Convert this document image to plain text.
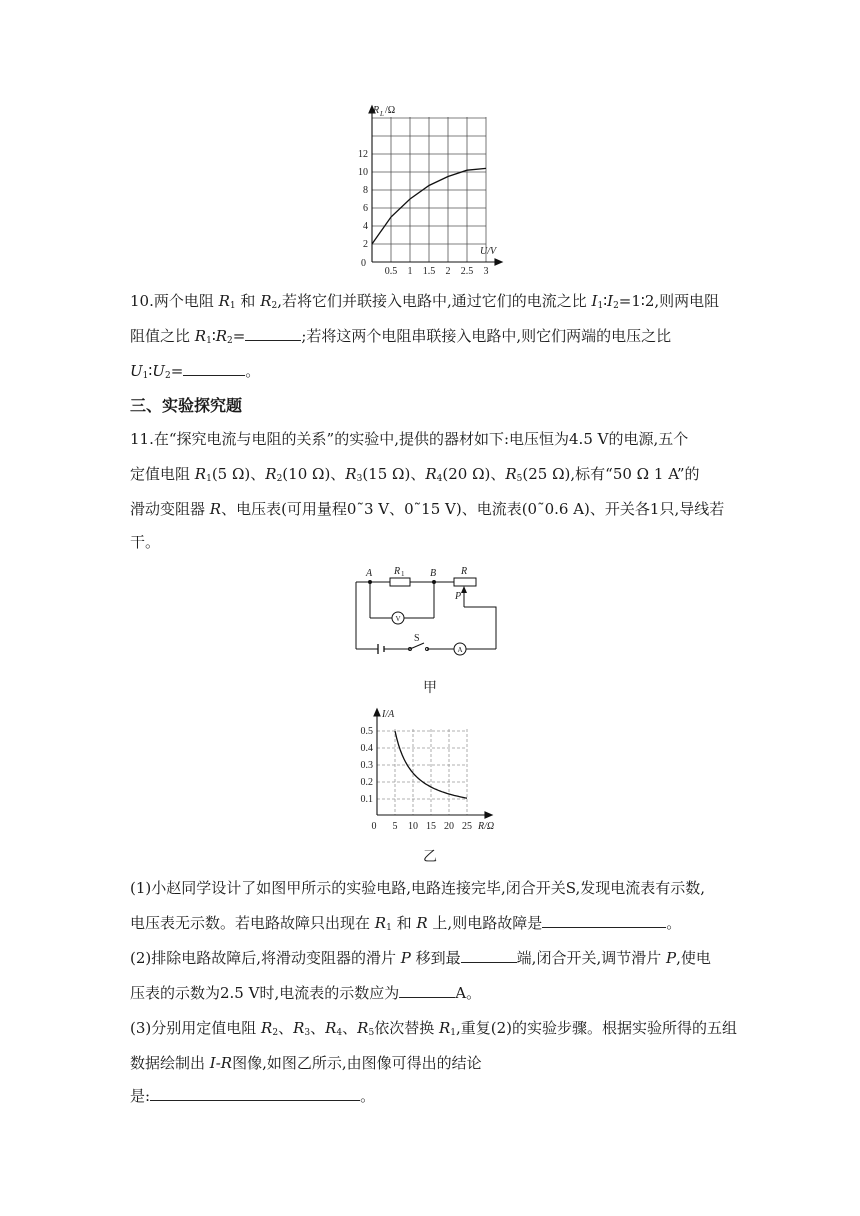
R L /Ω
U/V
0
2
4
6
8
10
12
0.5 1 1.5 2 2.5 3
10.两个电阻 $R_1$ 和 $R_2$,若将它们并联接入电路中,通过它们的电流之比 $I_1∶I_2=1∶2$,则两电阻
阻值之比 $R_1∶R_2=$	;若将这两个电阻串联接入电路中,则它们两端的电压之比
$U_1∶U_2=$	。
三、实验探究题
11.在“探究电流与电阻的关系”的实验中,提供的器材如下:电压恒为4.5 V的电源,五个
定值电阻 $R_1(5$ Ω)、$R_2(10$ Ω)、$R_3(15$ Ω)、$R_4(20$ Ω)、$R_5(25$ Ω),标有“50 Ω 1 A”的
滑动变阻器 R、电压表(可用量程0˜3 V、0˜15 V)、电流表(0˜0.6 A)、开关各1只,导线若
干。
A R 1	B R
P
V
S
A
甲
I/A
R/Ω
0
0.1
0.2
0.3
0.4
0.5
5 10 15 20 25
乙
(1)小赵同学设计了如图甲所示的实验电路,电路连接完毕,闭合开关S,发现电流表有示数,
电压表无示数。若电路故障只出现在 $R_1$ 和 R 上,则电路故障是	。
(2)排除电路故障后,将滑动变阻器的滑片 P 移到最	端,闭合开关,调节滑片 P,使电
压表的示数为2.5 V时,电流表的示数应为	A。
(3)分别用定值电阻 $R_2$、$R_3$、$R_4$、$R_5$依次替换 $R_1$,重复(2)的实验步骤。根据实验所得的五组
数据绘制出 I-R图像,如图乙所示,由图像可得出的结论
是:	。
